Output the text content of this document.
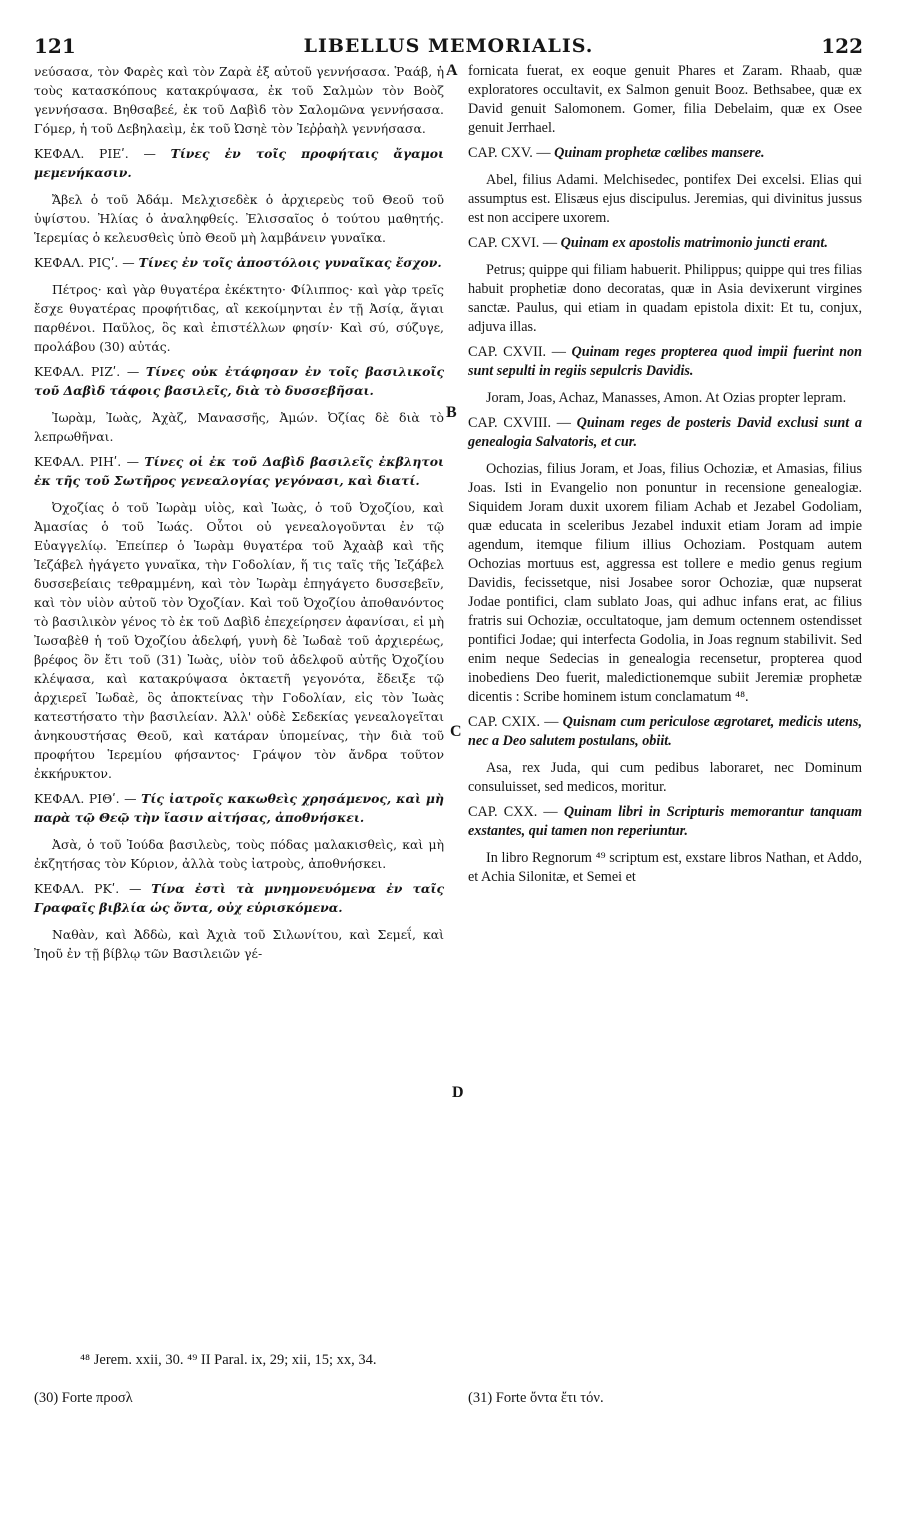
121	LIBELLUS MEMORIALIS.	122

νεύσασα, τὸν Φαρὲς καὶ τὸν Ζαρὰ ἐξ αὐτοῦ γεννήσασα. Ῥαάβ, ἡ τοὺς κατασκόπους κατακρύψασα, ἐκ τοῦ Σαλμὼν τὸν Βοὸζ γεννήσασα. Βηθσαβεέ, ἐκ τοῦ Δαβὶδ τὸν Σαλομῶνα γεννήσασα. Γόμερ, ἡ τοῦ Δεβηλαεὶμ, ἐκ τοῦ Ὠσηὲ τὸν Ἰεῤῥαὴλ γεννήσασα.

ΚΕΦΑΛ. ΡΙΕʹ. — Τίνες ἐν τοῖς προφήταις ἄγαμοι μεμενήκασιν.

Ἄβελ ὁ τοῦ Ἀδάμ. Μελχισεδὲκ ὁ ἀρχιερεὺς τοῦ Θεοῦ τοῦ ὑψίστου. Ἠλίας ὁ ἀναληφθείς. Ἐλισσαῖος ὁ τούτου μαθητής. Ἱερεμίας ὁ κελευσθεὶς ὑπὸ Θεοῦ μὴ λαμβάνειν γυναῖκα.

ΚΕΦΑΛ. ΡΙϚʹ. — Τίνες ἐν τοῖς ἀποστόλοις γυναῖκας ἔσχον.

Πέτρος· καὶ γὰρ θυγατέρα ἐκέκτητο· Φίλιππος· καὶ γὰρ τρεῖς ἔσχε θυγατέρας προφήτιδας, αἳ κεκοίμηνται ἐν τῇ Ἀσίᾳ, ἅγιαι παρθένοι. Παῦλος, ὃς καὶ ἐπιστέλλων φησίν· Καὶ σύ, σύζυγε, προλάβου (30) αὐτάς.

ΚΕΦΑΛ. ΡΙΖʹ. — Τίνες οὐκ ἐτάφησαν ἐν τοῖς βασιλικοῖς τοῦ Δαβὶδ τάφοις βασιλεῖς, διὰ τὸ δυσσεβῆσαι.

Ἰωρὰμ, Ἰωὰς, Ἀχὰζ, Μανασσῆς, Ἀμών. Ὀζίας δὲ διὰ τὸ λεπρωθῆναι.

ΚΕΦΑΛ. ΡΙΗʹ. — Τίνες οἱ ἐκ τοῦ Δαβὶδ βασιλεῖς ἐκβλητοι ἐκ τῆς τοῦ Σωτῆρος γενεαλογίας γεγόνασι, καὶ διατί.

Ὀχοζίας ὁ τοῦ Ἰωρὰμ υἱὸς, καὶ Ἰωὰς, ὁ τοῦ Ὀχοζίου, καὶ Ἀμασίας ὁ τοῦ Ἰωάς. Οὗτοι οὐ γενεαλογοῦνται ἐν τῷ Εὐαγγελίῳ. Ἐπείπερ ὁ Ἰωρὰμ θυγατέρα τοῦ Ἀχαὰβ καὶ τῆς Ἰεζάβελ ἠγάγετο γυναῖκα, τὴν Γοδολίαν, ἥ τις ταῖς τῆς Ἰεζάβελ δυσσεβείαις τεθραμμένη, καὶ τὸν Ἰωρὰμ ἐπηγάγετο δυσσεβεῖν, καὶ τὸν υἱὸν αὐτοῦ τὸν Ὀχοζίαν. Καὶ τοῦ Ὀχοζίου ἀποθανόντος τὸ βασιλικὸν γένος τὸ ἐκ τοῦ Δαβὶδ ἐπεχείρησεν ἀφανίσαι, εἰ μὴ Ἰωσαβὲθ ἡ τοῦ Ὀχοζίου ἀδελφή, γυνὴ δὲ Ἰωδαὲ τοῦ ἀρχιερέως, βρέφος ὂν ἔτι τοῦ (31) Ἰωὰς, υἱὸν τοῦ ἀδελφοῦ αὐτῆς Ὀχοζίου κλέψασα, καὶ κατακρύψασα ὀκταετῆ γεγονότα, ἔδειξε τῷ ἀρχιερεῖ Ἰωδαὲ, ὃς ἀποκτείνας τὴν Γοδολίαν, εἰς τὸν Ἰωὰς κατεστήσατο τὴν βασιλείαν. Ἀλλ' οὐδὲ Σεδεκίας γενεαλογεῖται ἀνηκουστήσας Θεοῦ, καὶ κατάραν ὑπομείνας, τὴν διὰ τοῦ προφήτου Ἱερεμίου φήσαντος· Γράψον τὸν ἄνδρα τοῦτον ἐκκήρυκτον.

ΚΕΦΑΛ. ΡΙΘʹ. — Τίς ἰατροῖς κακωθεὶς χρησάμενος, καὶ μὴ παρὰ τῷ Θεῷ τὴν ἴασιν αἰτήσας, ἀποθνήσκει.

Ἀσὰ, ὁ τοῦ Ἰούδα βασιλεὺς, τοὺς πόδας μαλακισθεὶς, καὶ μὴ ἐκζητήσας τὸν Κύριον, ἀλλὰ τοὺς ἰατροὺς, ἀποθνήσκει.

ΚΕΦΑΛ. ΡΚʹ. — Τίνα ἐστὶ τὰ μνημονευόμενα ἐν ταῖς Γραφαῖς βιβλία ὡς ὄντα, οὐχ εὑρισκόμενα.

Ναθὰν, καὶ Ἀδδὼ, καὶ Ἀχιὰ τοῦ Σιλωνίτου, καὶ Σεμεΐ, καὶ Ἰηοῦ ἐν τῇ βίβλῳ τῶν Βασιλειῶν γέ-

A
B
C
D

fornicata fuerat, ex eoque genuit Phares et Zaram. Rhaab, quæ exploratores occultavit, ex Salmon genuit Booz. Bethsabee, quæ ex David genuit Salomonem. Gomer, filia Debelaim, quæ ex Osee genuit Jerrhael.

CAP. CXV. — Quinam prophetæ cœlibes mansere.

Abel, filius Adami. Melchisedec, pontifex Dei excelsi. Elias qui assumptus est. Elisæus ejus discipulus. Jeremias, qui divinitus jussus est non accipere uxorem.

CAP. CXVI. — Quinam ex apostolis matrimonio juncti erant.

Petrus; quippe qui filiam habuerit. Philippus; quippe qui tres filias habuit prophetiæ dono decoratas, quæ in Asia devixerunt virgines sanctæ. Paulus, qui etiam in quadam epistola dixit: Et tu, conjux, adjuva illas.

CAP. CXVII. — Quinam reges propterea quod impii fuerint non sunt sepulti in regiis sepulcris Davidis.

Joram, Joas, Achaz, Manasses, Amon. At Ozias propter lepram.

CAP. CXVIII. — Quinam reges de posteris David exclusi sunt a genealogia Salvatoris, et cur.

Ochozias, filius Joram, et Joas, filius Ochoziæ, et Amasias, filius Joas. Isti in Evangelio non ponuntur in recensione genealogiæ. Siquidem Joram duxit uxorem filiam Achab et Jezabel Godoliam, quæ educata in sceleribus Jezabel induxit etiam Joram ad impie agendum, itemque filium illius Ochoziam. Postquam autem Ochozias mortuus est, aggressa est tollere e medio genus regium Davidis, fecissetque, nisi Josabee soror Ochoziæ, quæ nupserat Jodae pontifici, clam sublato Joas, qui adhuc infans erat, ac filius fratris sui Ochoziæ, occultatoque, jam demum octennem ostendisset pontifici Jodae; qui interfecta Godolia, in Joas regnum stabilivit. Sed enim neque Sedecias in genealogia recensetur, propterea quod inobediens Deo fuerit, maledictionemque subiit Jeremiæ prophetæ dicentis : Scribe hominem istum conclamatum ⁴⁸.

CAP. CXIX. — Quisnam cum periculose ægrotaret, medicis utens, nec a Deo salutem postulans, obiit.

Asa, rex Juda, qui cum pedibus laboraret, nec Dominum consuluisset, sed medicos, moritur.

CAP. CXX. — Quinam libri in Scripturis memorantur tanquam exstantes, qui tamen non reperiuntur.

In libro Regnorum ⁴⁹ scriptum est, exstare libros Nathan, et Addo, et Achia Silonitæ, et Semei et

⁴⁸ Jerem. xxii, 30. ⁴⁹ II Paral. ix, 29; xii, 15; xx, 34.
(30) Forte προσλ	(31) Forte ὄντα ἔτι τόν.
